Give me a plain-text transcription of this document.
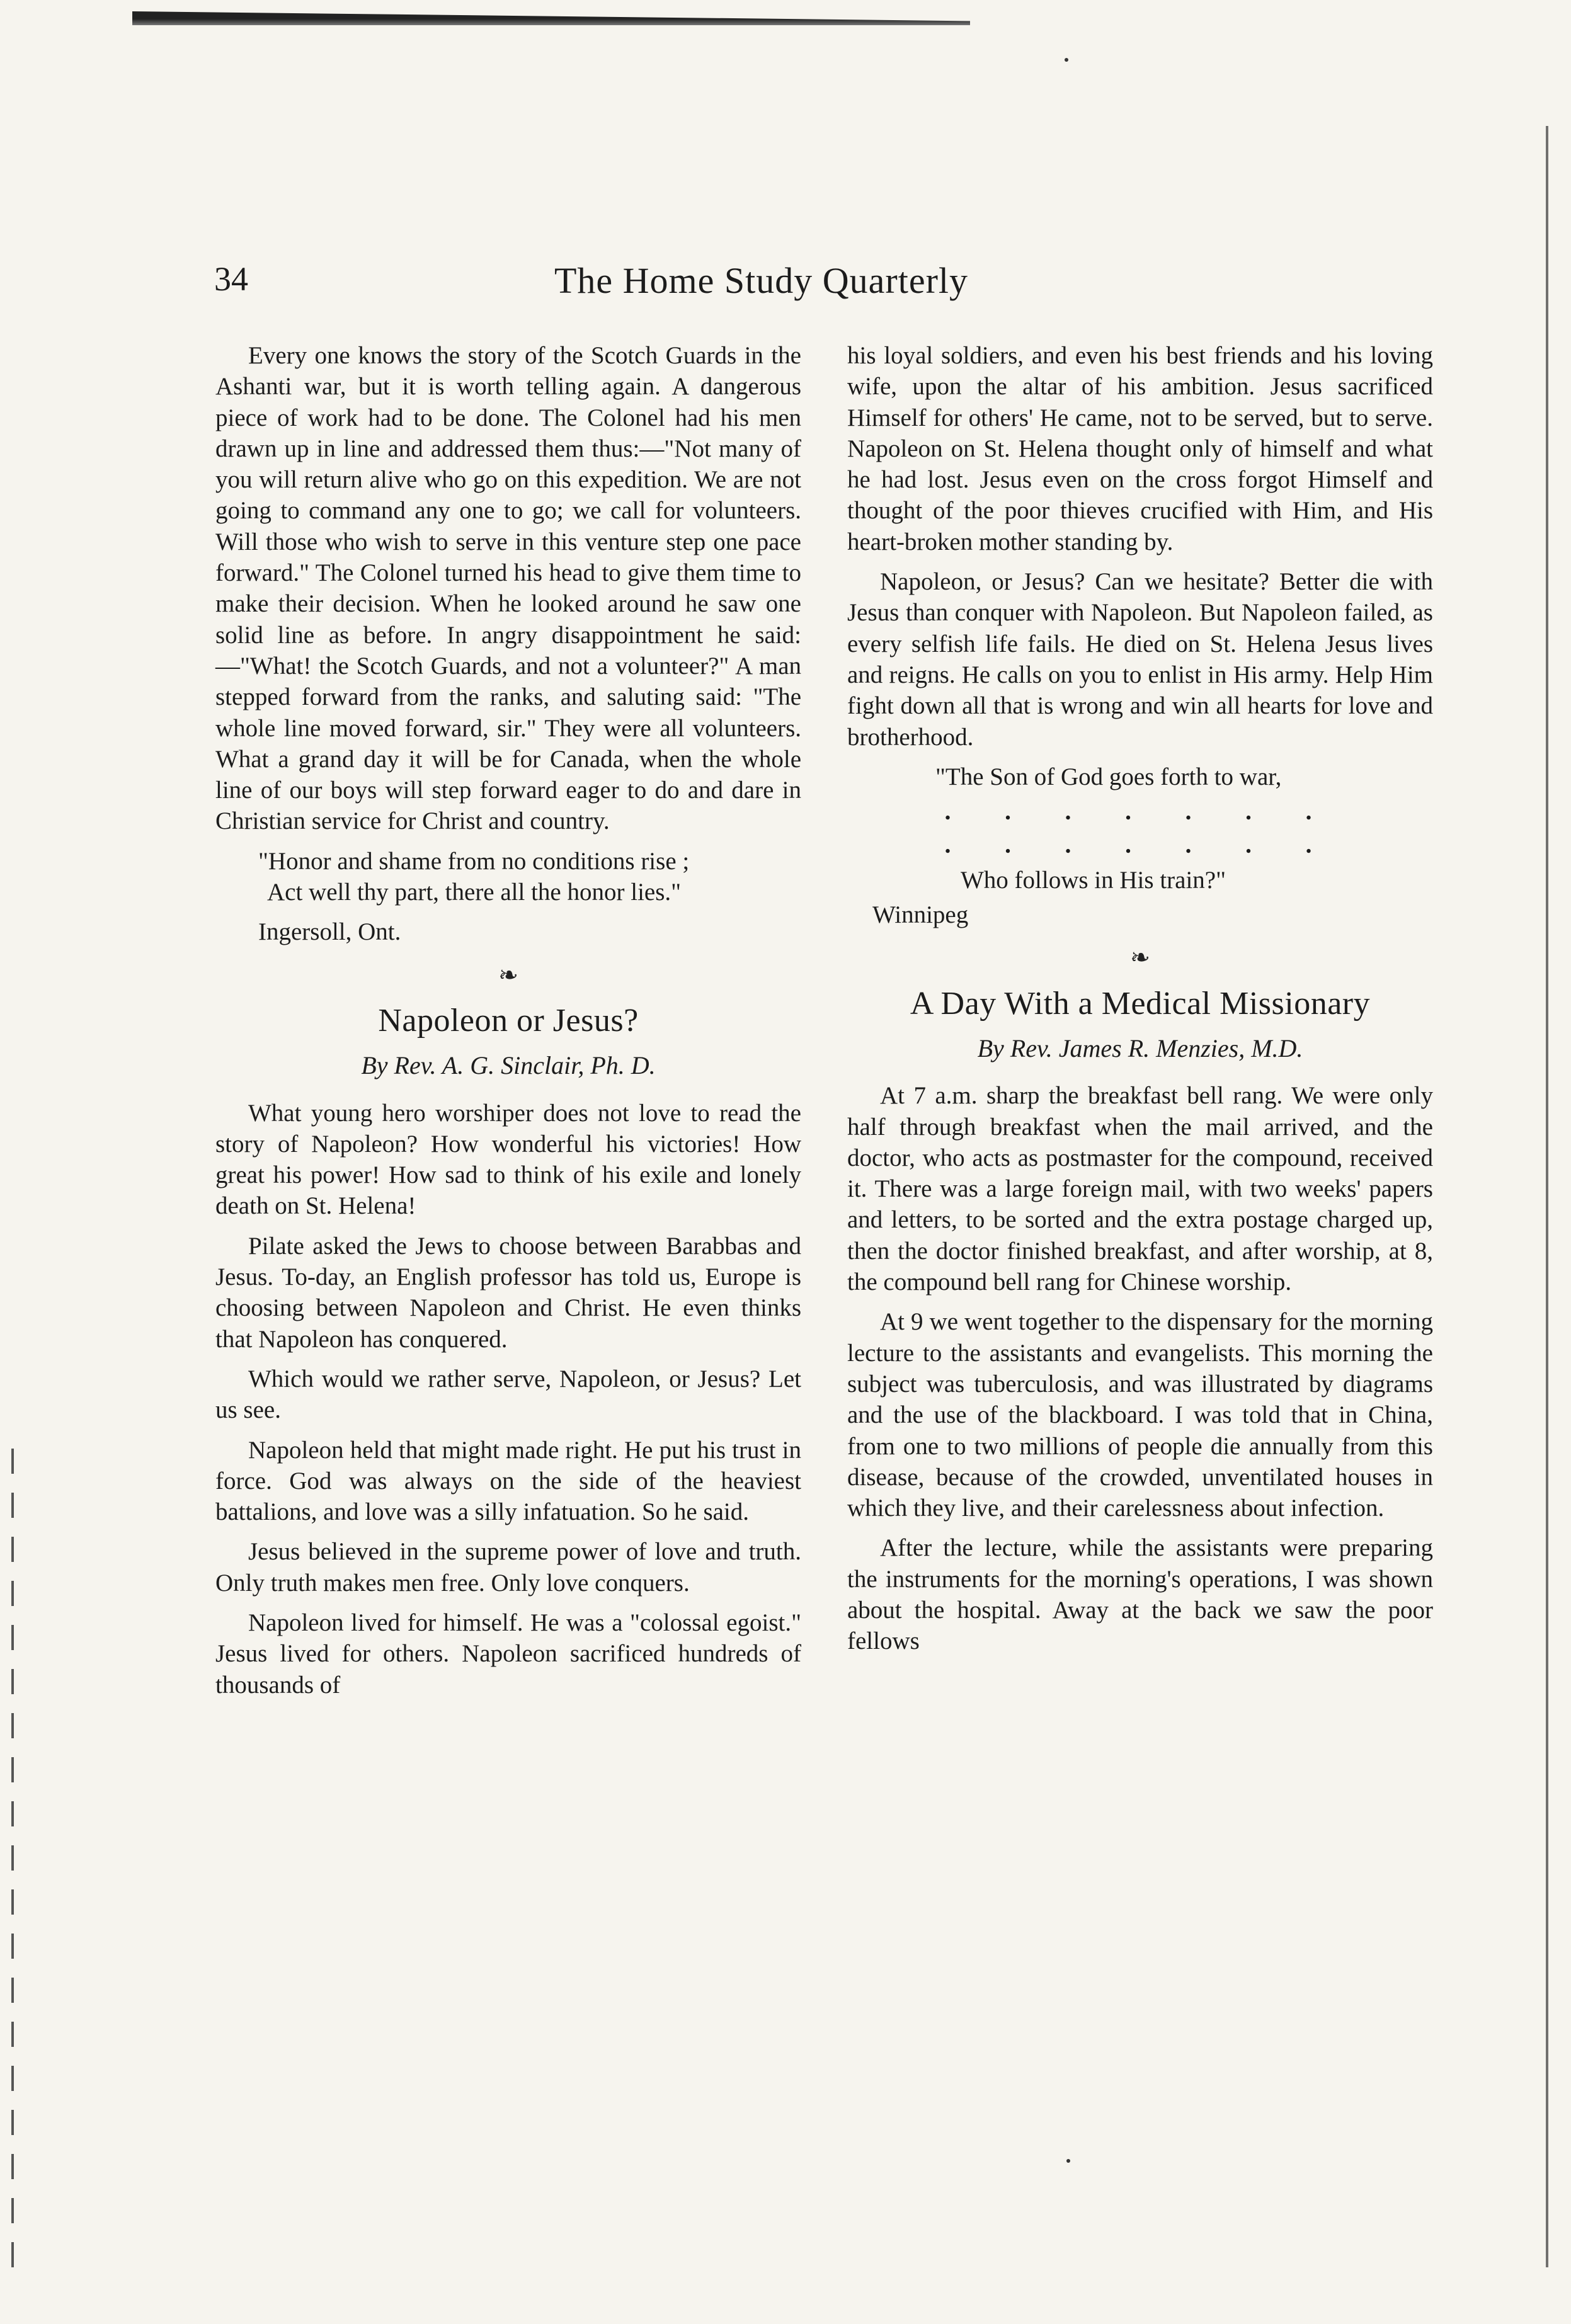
34	The Home Study Quarterly

Every one knows the story of the Scotch Guards in the Ashanti war, but it is worth telling again. A dangerous piece of work had to be done. The Colonel had his men drawn up in line and addressed them thus:—"Not many of you will return alive who go on this expedition. We are not going to command any one to go; we call for volunteers. Will those who wish to serve in this venture step one pace forward." The Colonel turned his head to give them time to make their decision. When he looked around he saw one solid line as before. In angry disappointment he said:—"What! the Scotch Guards, and not a volunteer?" A man stepped forward from the ranks, and saluting said: "The whole line moved forward, sir." They were all volunteers. What a grand day it will be for Canada, when the whole line of our boys will step forward eager to do and dare in Christian service for Christ and country.

"Honor and shame from no conditions rise ;
Act well thy part, there all the honor lies."
Ingersoll, Ont.
❧
Napoleon or Jesus?
By Rev. A. G. Sinclair, Ph. D.

What young hero worshiper does not love to read the story of Napoleon? How wonderful his victories! How great his power! How sad to think of his exile and lonely death on St. Helena!

Pilate asked the Jews to choose between Barabbas and Jesus. To-day, an English professor has told us, Europe is choosing between Napoleon and Christ. He even thinks that Napoleon has conquered.

Which would we rather serve, Napoleon, or Jesus? Let us see.

Napoleon held that might made right. He put his trust in force. God was always on the side of the heaviest battalions, and love was a silly infatuation. So he said.

Jesus believed in the supreme power of love and truth. Only truth makes men free. Only love conquers.

Napoleon lived for himself. He was a "colossal egoist." Jesus lived for others. Napoleon sacrificed hundreds of thousands of

his loyal soldiers, and even his best friends and his loving wife, upon the altar of his ambition. Jesus sacrificed Himself for others' He came, not to be served, but to serve. Napoleon on St. Helena thought only of himself and what he had lost. Jesus even on the cross forgot Himself and thought of the poor thieves crucified with Him, and His heart-broken mother standing by.

Napoleon, or Jesus? Can we hesitate? Better die with Jesus than conquer with Napoleon. But Napoleon failed, as every selfish life fails. He died on St. Helena Jesus lives and reigns. He calls on you to enlist in His army. Help Him fight down all that is wrong and win all hearts for love and brotherhood.

"The Son of God goes forth to war,
. . . . . . .
. . . . . . .
Who follows in His train?"
Winnipeg
❧
A Day With a Medical Missionary
By Rev. James R. Menzies, M.D.

At 7 a.m. sharp the breakfast bell rang. We were only half through breakfast when the mail arrived, and the doctor, who acts as postmaster for the compound, received it. There was a large foreign mail, with two weeks' papers and letters, to be sorted and the extra postage charged up, then the doctor finished breakfast, and after worship, at 8, the compound bell rang for Chinese worship.

At 9 we went together to the dispensary for the morning lecture to the assistants and evangelists. This morning the subject was tuberculosis, and was illustrated by diagrams and the use of the blackboard. I was told that in China, from one to two millions of people die annually from this disease, because of the crowded, unventilated houses in which they live, and their carelessness about infection.

After the lecture, while the assistants were preparing the instruments for the morning's operations, I was shown about the hospital. Away at the back we saw the poor fellows
